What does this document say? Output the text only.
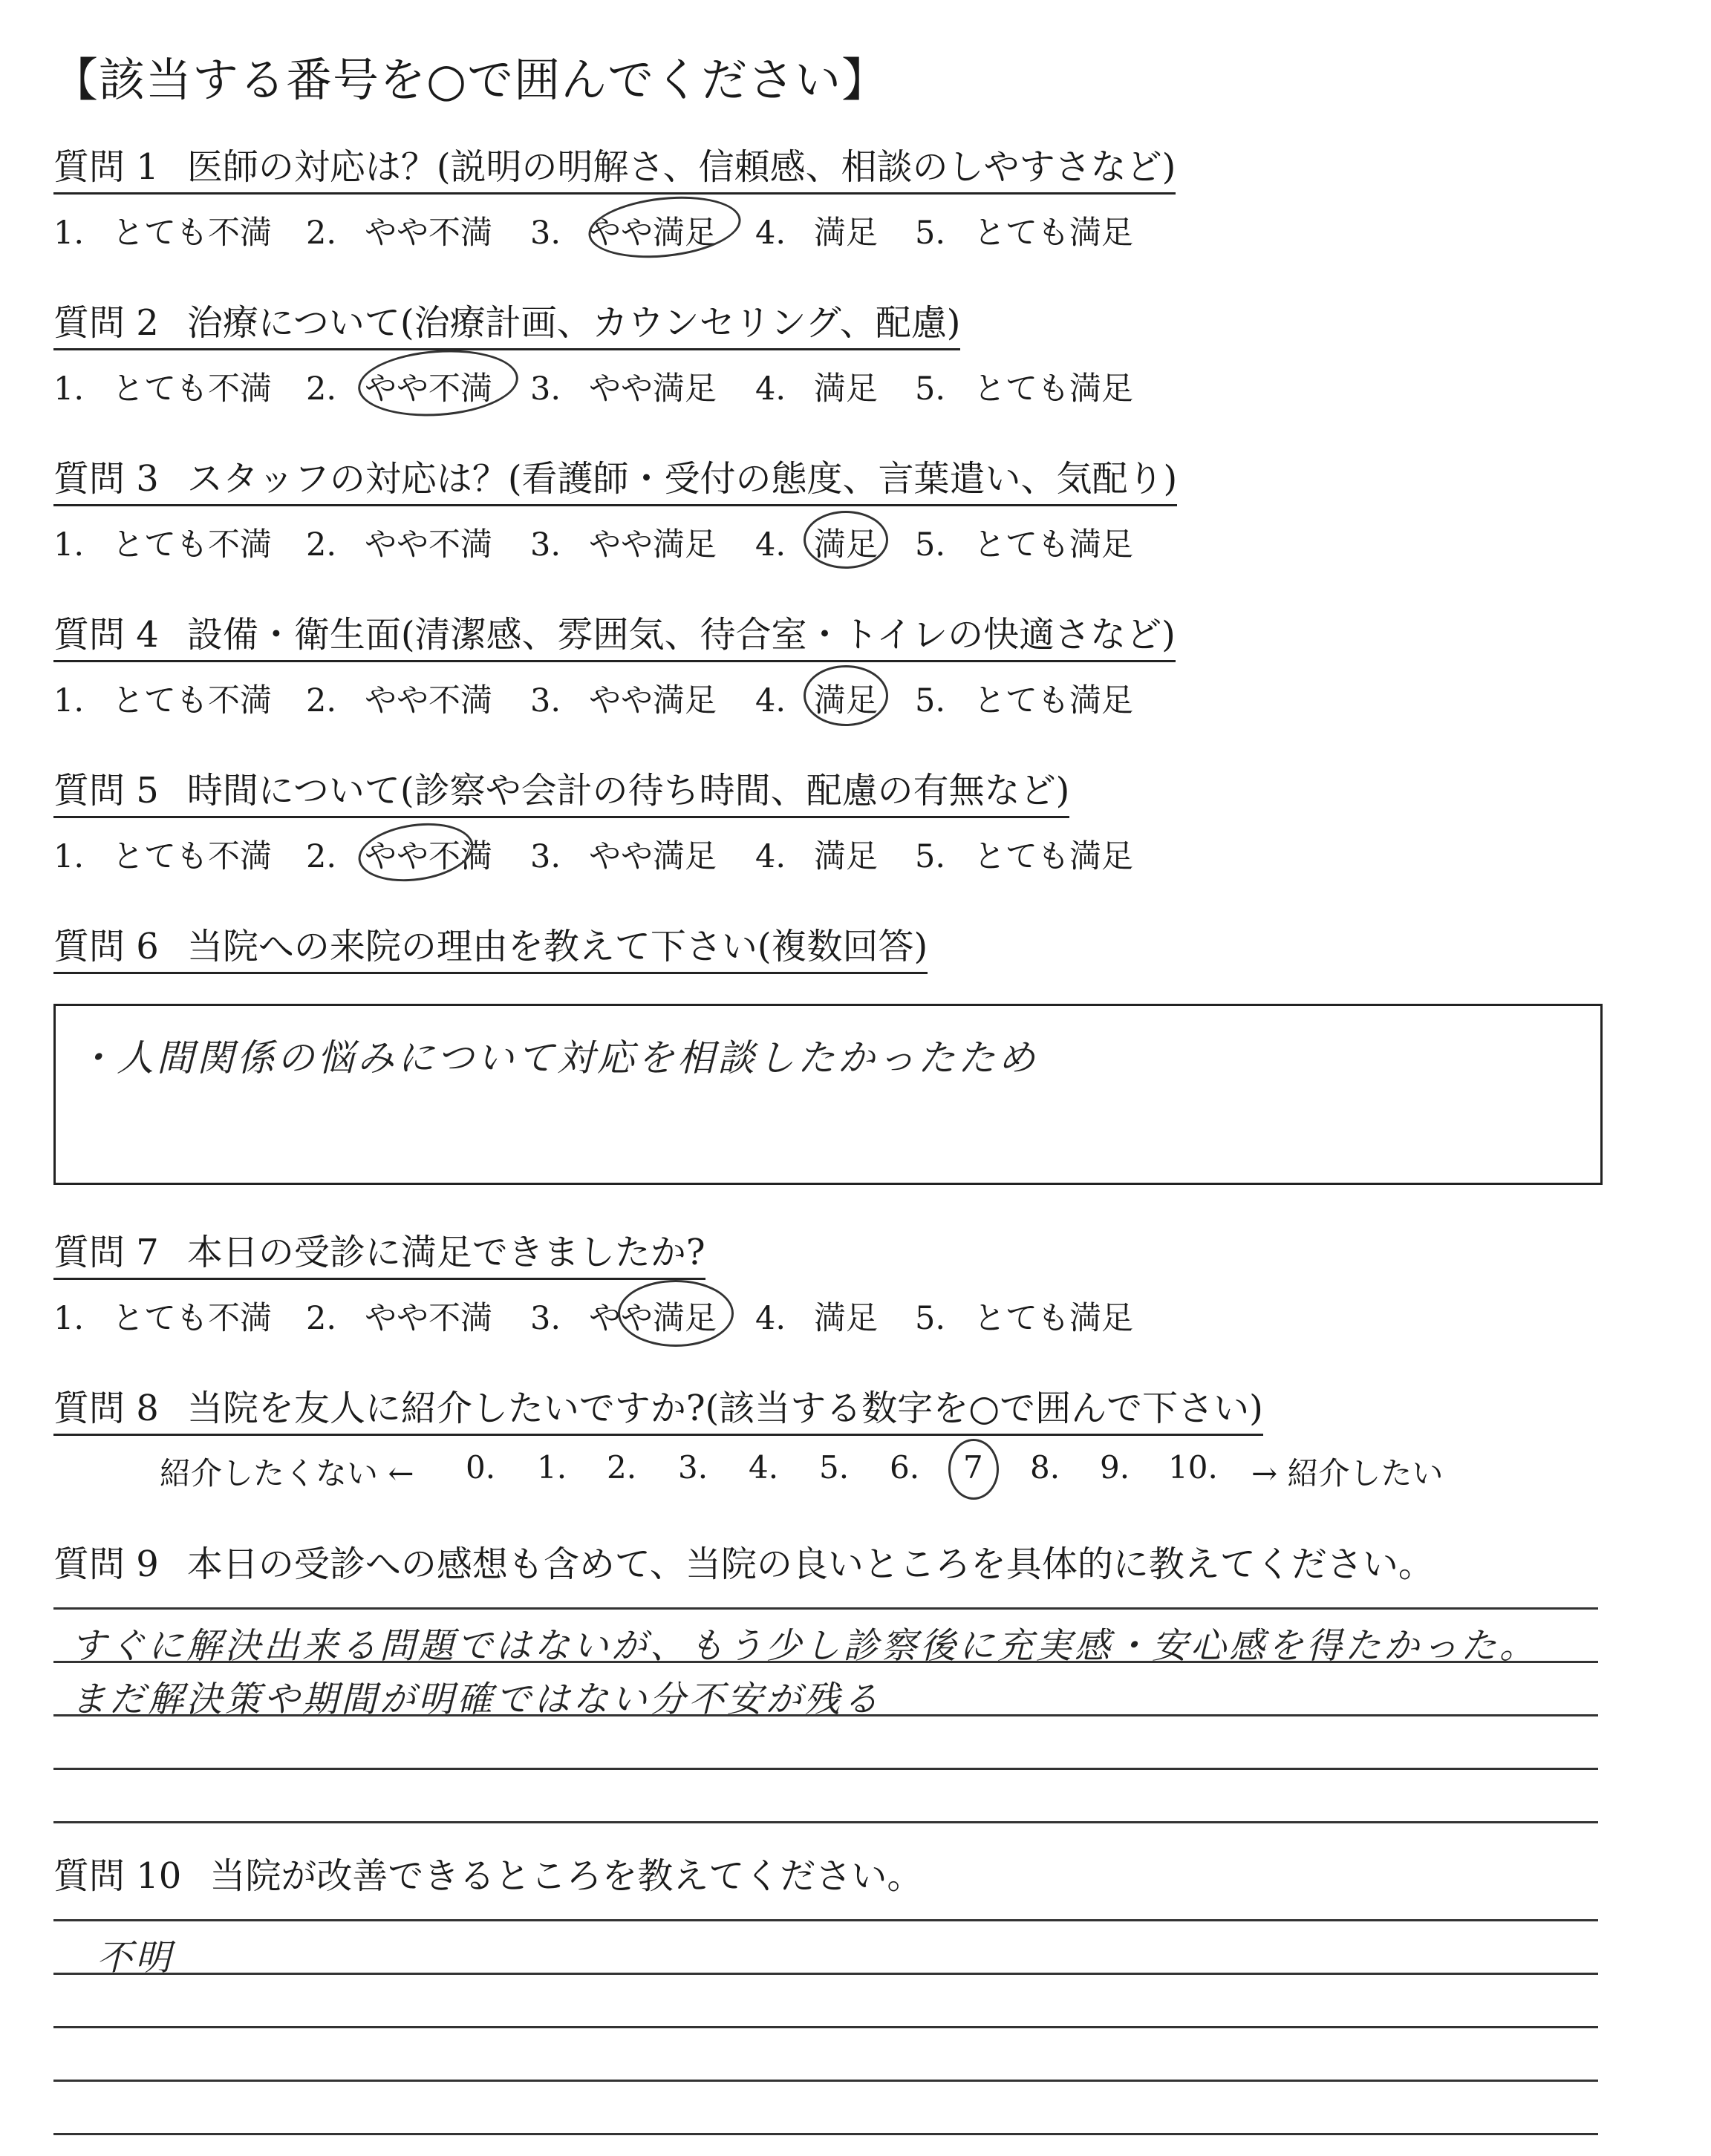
【該当する番号を○で囲んでください】
質問 1 医師の対応は？(説明の明解さ、信頼感、相談のしやすさなど)
1. とても不満 2. やや不満 3. やや満足 4. 満足 5. とても満足
質問 2 治療について(治療計画、カウンセリング、配慮)
1. とても不満 2. やや不満 3. やや満足 4. 満足 5. とても満足
質問 3 スタッフの対応は？(看護師・受付の態度、言葉遣い、気配り)
1. とても不満 2. やや不満 3. やや満足 4. 満足 5. とても満足
質問 4 設備・衛生面(清潔感、雰囲気、待合室・トイレの快適さなど)
1. とても不満 2. やや不満 3. やや満足 4. 満足 5. とても満足
質問 5 時間について(診察や会計の待ち時間、配慮の有無など)
1. とても不満 2. やや不満 3. やや満足 4. 満足 5. とても満足
質問 6 当院への来院の理由を教えて下さい(複数回答)
・人間関係の悩みについて対応を相談したかったため
質問 7 本日の受診に満足できましたか?
1. とても不満 2. やや不満 3. やや満足 4. 満足 5. とても満足
質問 8 当院を友人に紹介したいですか?(該当する数字を○で囲んで下さい)
紹介したくない ← 0. 1. 2. 3. 4. 5. 6. 7 8. 9. 10. → 紹介したい
質問 9 本日の受診への感想も含めて、当院の良いところを具体的に教えてください。
すぐに解決出来る問題ではないが、もう少し診察後に充実感・安心感を得たかった。
まだ解決策や期間が明確ではない分不安が残る
質問 10 当院が改善できるところを教えてください。
不明
